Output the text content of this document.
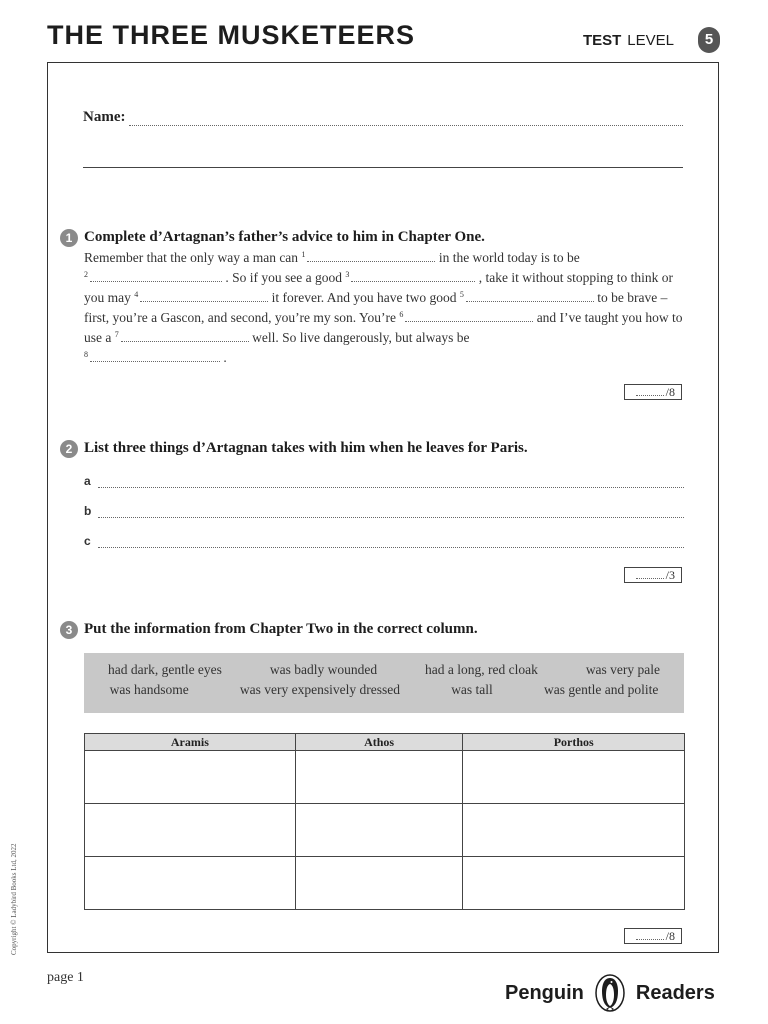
THE THREE MUSKETEERS	TEST LEVEL	5
Name:
1 Complete d’Artagnan’s father’s advice to him in Chapter One.
Remember that the only way a man can $^1$	in the world today is to be
$^2$	. So if you see a good $^3$	, take it without stopping to think or you may $^4$	it forever. And you have two good $^5$	to be brave – first, you’re a Gascon, and second, you’re my son. You’re $^6$	and I’ve taught you how to use a $^7$	well. So live dangerously, but always be
$^8$	.
/8
2 List three things d’Artagnan takes with him when he leaves for Paris.
a
b
c
/3
3 Put the information from Chapter Two in the correct column.
had dark, gentle eyes	was badly wounded	had a long, red cloak	was very pale
was handsome	was very expensively dressed	was tall	was gentle and polite
Aramis	Athos	Porthos

/8
Copyright © Ladybird Books Ltd, 2022
page 1
Penguin	Readers
